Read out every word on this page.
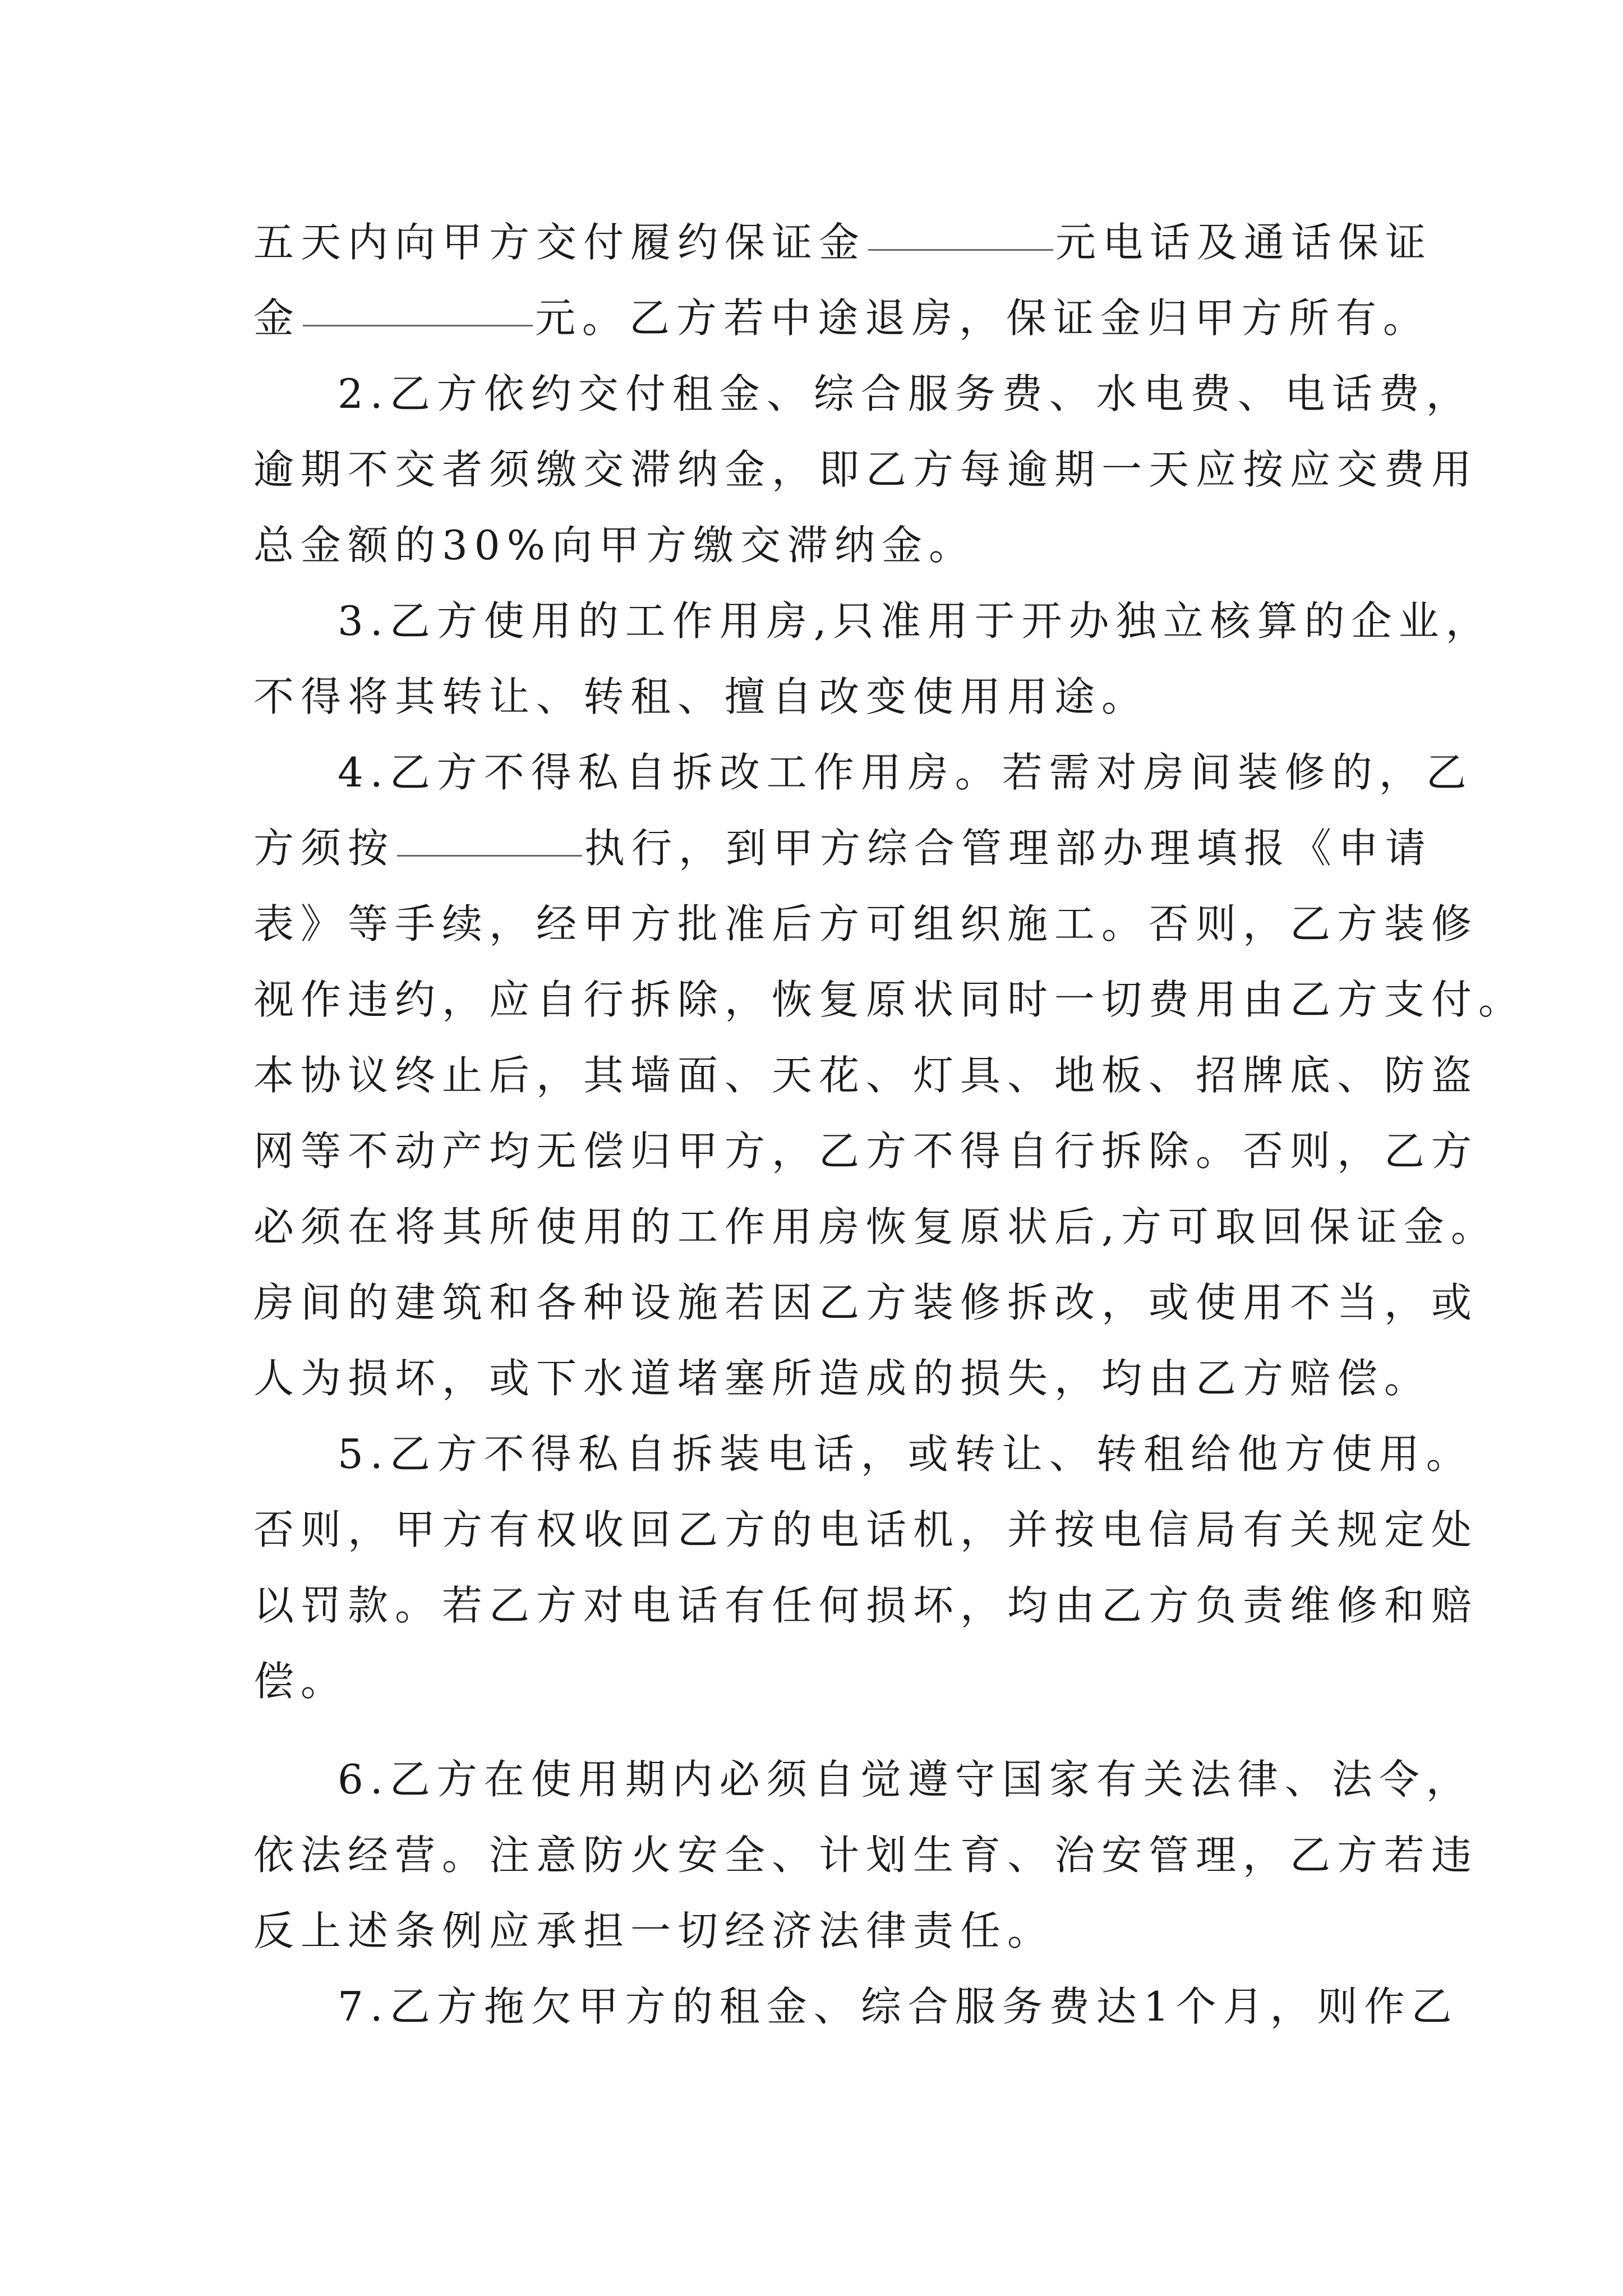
五天内向甲方交付履约保证金	元电话及通话保证
金	元。乙方若中途退房，保证金归甲方所有。
2.乙方依约交付租金、综合服务费、水电费、电话费，
逾期不交者须缴交滞纳金，即乙方每逾期一天应按应交费用
总金额的30%向甲方缴交滞纳金。
3.乙方使用的工作用房,只准用于开办独立核算的企业，
不得将其转让、转租、擅自改变使用用途。
4.乙方不得私自拆改工作用房。若需对房间装修的，乙
方须按	执行，到甲方综合管理部办理填报《申请
表》等手续，经甲方批准后方可组织施工。否则，乙方装修
视作违约，应自行拆除，恢复原状同时一切费用由乙方支付。
本协议终止后，其墙面、天花、灯具、地板、招牌底、防盗
网等不动产均无偿归甲方，乙方不得自行拆除。否则，乙方
必须在将其所使用的工作用房恢复原状后,方可取回保证金。
房间的建筑和各种设施若因乙方装修拆改，或使用不当，或
人为损坏，或下水道堵塞所造成的损失，均由乙方赔偿。
5.乙方不得私自拆装电话，或转让、转租给他方使用。
否则，甲方有权收回乙方的电话机，并按电信局有关规定处
以罚款。若乙方对电话有任何损坏，均由乙方负责维修和赔
偿。
6.乙方在使用期内必须自觉遵守国家有关法律、法令，
依法经营。注意防火安全、计划生育、治安管理，乙方若违
反上述条例应承担一切经济法律责任。
7.乙方拖欠甲方的租金、综合服务费达1个月，则作乙
